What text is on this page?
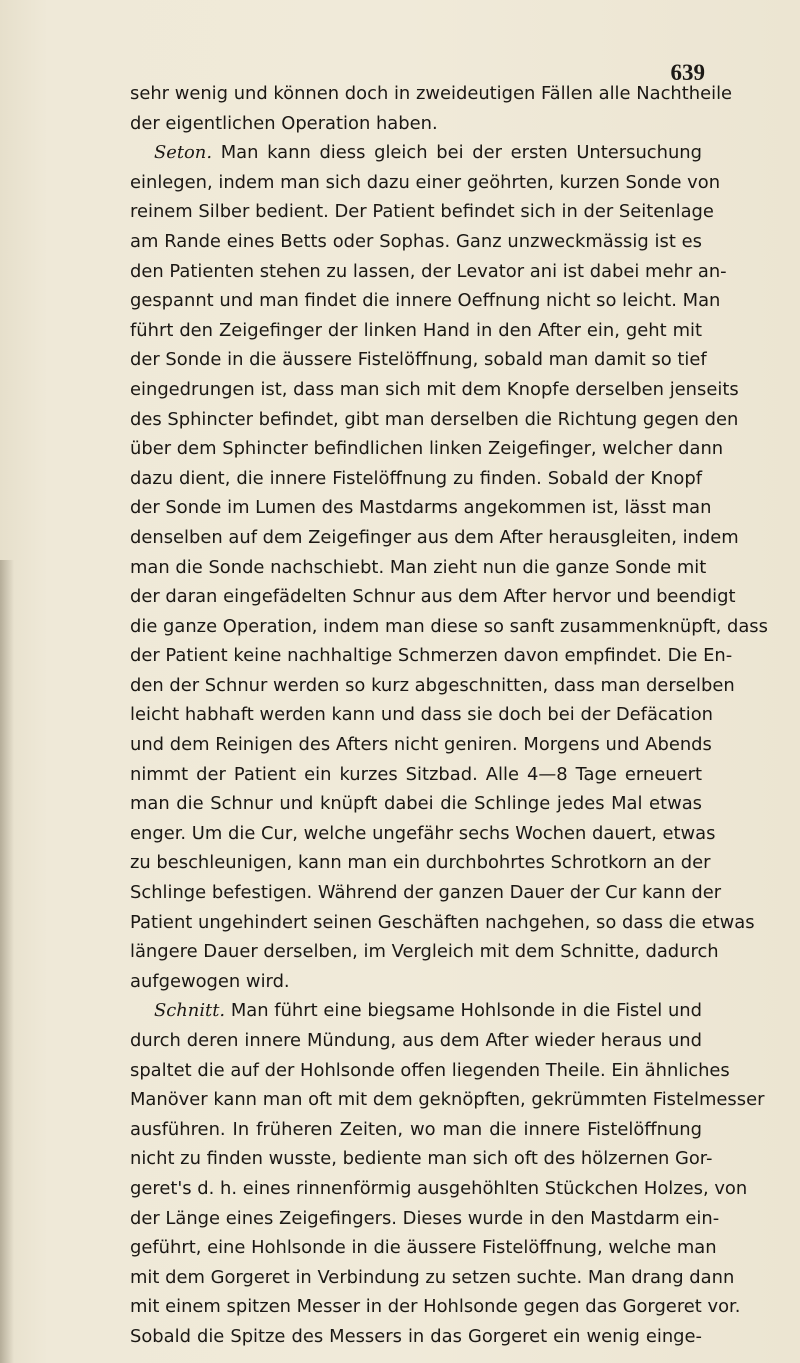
639
sehr wenig und können doch in zweideutigen Fällen alle Nachtheile
der eigentlichen Operation haben.
Seton. Man kann diess gleich bei der ersten Untersuchung
einlegen, indem man sich dazu einer geöhrten, kurzen Sonde von
reinem Silber bedient. Der Patient befindet sich in der Seitenlage
am Rande eines Betts oder Sophas. Ganz unzweckmässig ist es
den Patienten stehen zu lassen, der Levator ani ist dabei mehr an-
gespannt und man findet die innere Oeffnung nicht so leicht. Man
führt den Zeigefinger der linken Hand in den After ein, geht mit
der Sonde in die äussere Fistelöffnung, sobald man damit so tief
eingedrungen ist, dass man sich mit dem Knopfe derselben jenseits
des Sphincter befindet, gibt man derselben die Richtung gegen den
über dem Sphincter befindlichen linken Zeigefinger, welcher dann
dazu dient, die innere Fistelöffnung zu finden. Sobald der Knopf
der Sonde im Lumen des Mastdarms angekommen ist, lässt man
denselben auf dem Zeigefinger aus dem After herausgleiten, indem
man die Sonde nachschiebt. Man zieht nun die ganze Sonde mit
der daran eingefädelten Schnur aus dem After hervor und beendigt
die ganze Operation, indem man diese so sanft zusammenknüpft, dass
der Patient keine nachhaltige Schmerzen davon empfindet. Die En-
den der Schnur werden so kurz abgeschnitten, dass man derselben
leicht habhaft werden kann und dass sie doch bei der Defäcation
und dem Reinigen des Afters nicht geniren. Morgens und Abends
nimmt der Patient ein kurzes Sitzbad. Alle 4—8 Tage erneuert
man die Schnur und knüpft dabei die Schlinge jedes Mal etwas
enger. Um die Cur, welche ungefähr sechs Wochen dauert, etwas
zu beschleunigen, kann man ein durchbohrtes Schrotkorn an der
Schlinge befestigen. Während der ganzen Dauer der Cur kann der
Patient ungehindert seinen Geschäften nachgehen, so dass die etwas
längere Dauer derselben, im Vergleich mit dem Schnitte, dadurch
aufgewogen wird.
Schnitt. Man führt eine biegsame Hohlsonde in die Fistel und
durch deren innere Mündung, aus dem After wieder heraus und
spaltet die auf der Hohlsonde offen liegenden Theile. Ein ähnliches
Manöver kann man oft mit dem geknöpften, gekrümmten Fistelmesser
ausführen. In früheren Zeiten, wo man die innere Fistelöffnung
nicht zu finden wusste, bediente man sich oft des hölzernen Gor-
geret's d. h. eines rinnenförmig ausgehöhlten Stückchen Holzes, von
der Länge eines Zeigefingers. Dieses wurde in den Mastdarm ein-
geführt, eine Hohlsonde in die äussere Fistelöffnung, welche man
mit dem Gorgeret in Verbindung zu setzen suchte. Man drang dann
mit einem spitzen Messer in der Hohlsonde gegen das Gorgeret vor.
Sobald die Spitze des Messers in das Gorgeret ein wenig einge-
